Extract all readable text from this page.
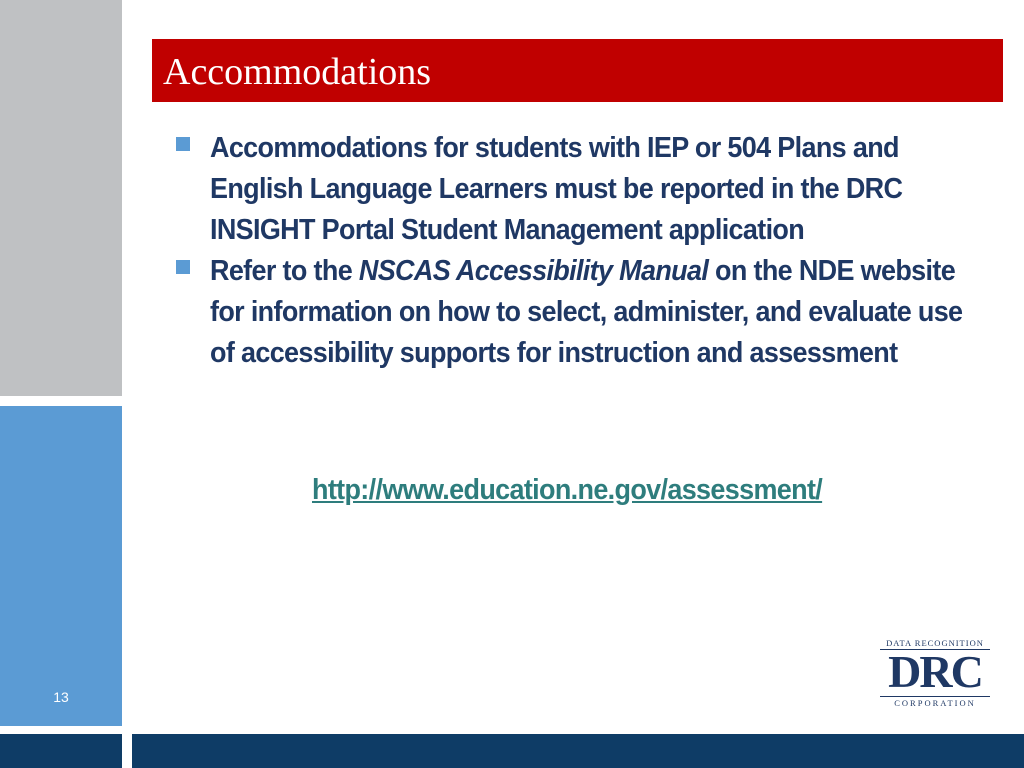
13
Accommodations
Accommodations for students with IEP or 504 Plans and English Language Learners must be reported in the DRC INSIGHT Portal Student Management application
Refer to the NSCAS Accessibility Manual on the NDE website for information on how to select, administer, and evaluate use of accessibility supports for instruction and assessment
http://www.education.ne.gov/assessment/
DATA RECOGNITION
DRC
CORPORATION
